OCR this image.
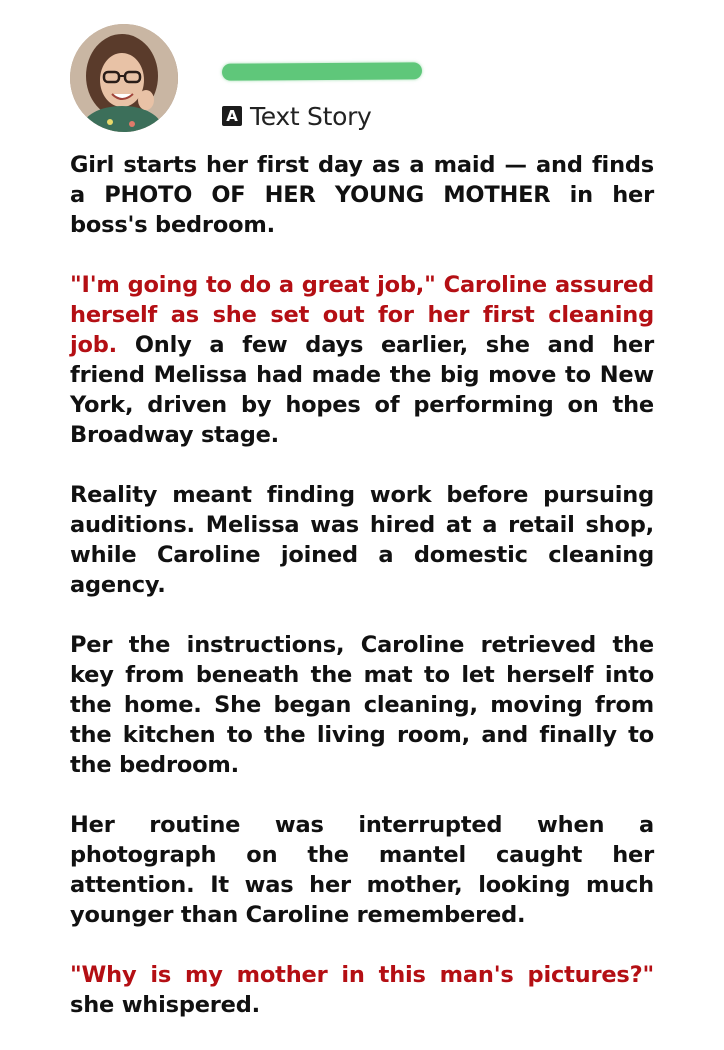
A Text Story

Girl starts her first day as a maid — and finds a PHOTO OF HER YOUNG MOTHER in her boss's bedroom.

"I'm going to do a great job," Caroline assured herself as she set out for her first cleaning job. Only a few days earlier, she and her friend Melissa had made the big move to New York, driven by hopes of performing on the Broadway stage.

Reality meant finding work before pursuing auditions. Melissa was hired at a retail shop, while Caroline joined a domestic cleaning agency.

Per the instructions, Caroline retrieved the key from beneath the mat to let herself into the home. She began cleaning, moving from the kitchen to the living room, and finally to the bedroom.

Her routine was interrupted when a photograph on the mantel caught her attention. It was her mother, looking much younger than Caroline remembered.

"Why is my mother in this man's pictures?" she whispered.
